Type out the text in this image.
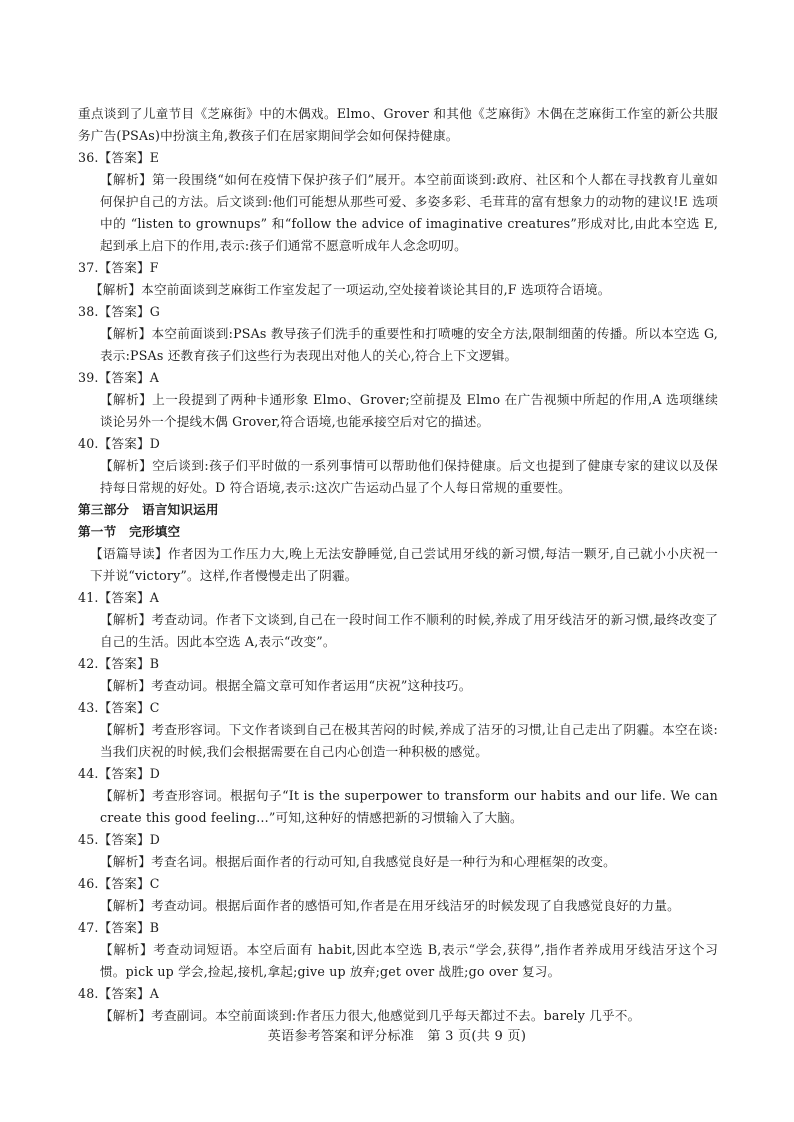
重点谈到了儿童节目《芝麻街》中的木偶戏。Elmo、Grover 和其他《芝麻街》木偶在芝麻街工作室的新公共服务广告(PSAs)中扮演主角,教孩子们在居家期间学会如何保持健康。

36.【答案】E

【解析】第一段围绕“如何在疫情下保护孩子们”展开。本空前面谈到:政府、社区和个人都在寻找教育儿童如何保护自己的方法。后文谈到:他们可能想从那些可爱、多姿多彩、毛茸茸的富有想象力的动物的建议!E 选项中的 “listen to grownups” 和“follow the advice of imaginative creatures”形成对比,由此本空选 E,起到承上启下的作用,表示:孩子们通常不愿意听成年人念念叨叨。

37.【答案】F

【解析】本空前面谈到芝麻街工作室发起了一项运动,空处接着谈论其目的,F 选项符合语境。

38.【答案】G

【解析】本空前面谈到:PSAs 教导孩子们洗手的重要性和打喷嚏的安全方法,限制细菌的传播。所以本空选 G,表示:PSAs 还教育孩子们这些行为表现出对他人的关心,符合上下文逻辑。

39.【答案】A

【解析】上一段提到了两种卡通形象 Elmo、Grover;空前提及 Elmo 在广告视频中所起的作用,A 选项继续谈论另外一个提线木偶 Grover,符合语境,也能承接空后对它的描述。

40.【答案】D

【解析】空后谈到:孩子们平时做的一系列事情可以帮助他们保持健康。后文也提到了健康专家的建议以及保持每日常规的好处。D 符合语境,表示:这次广告运动凸显了个人每日常规的重要性。

第三部分　语言知识运用

第一节　完形填空

【语篇导读】作者因为工作压力大,晚上无法安静睡觉,自己尝试用牙线的新习惯,每洁一颗牙,自己就小小庆祝一下并说“victory”。这样,作者慢慢走出了阴霾。

41.【答案】A

【解析】考查动词。作者下文谈到,自己在一段时间工作不顺利的时候,养成了用牙线洁牙的新习惯,最终改变了自己的生活。因此本空选 A,表示“改变”。

42.【答案】B

【解析】考查动词。根据全篇文章可知作者运用“庆祝”这种技巧。

43.【答案】C

【解析】考查形容词。下文作者谈到自己在极其苦闷的时候,养成了洁牙的习惯,让自己走出了阴霾。本空在谈:当我们庆祝的时候,我们会根据需要在自己内心创造一种积极的感觉。

44.【答案】D

【解析】考查形容词。根据句子“It is the superpower to transform our habits and our life. We can create this good feeling…”可知,这种好的情感把新的习惯输入了大脑。

45.【答案】D

【解析】考查名词。根据后面作者的行动可知,自我感觉良好是一种行为和心理框架的改变。

46.【答案】C

【解析】考查动词。根据后面作者的感悟可知,作者是在用牙线洁牙的时候发现了自我感觉良好的力量。

47.【答案】B

【解析】考查动词短语。本空后面有 habit,因此本空选 B,表示“学会,获得”,指作者养成用牙线洁牙这个习惯。pick up 学会,捡起,接机,拿起;give up 放弃;get over 战胜;go over 复习。

48.【答案】A

【解析】考查副词。本空前面谈到:作者压力很大,他感觉到几乎每天都过不去。barely 几乎不。

英语参考答案和评分标准　第 3 页(共 9 页)
